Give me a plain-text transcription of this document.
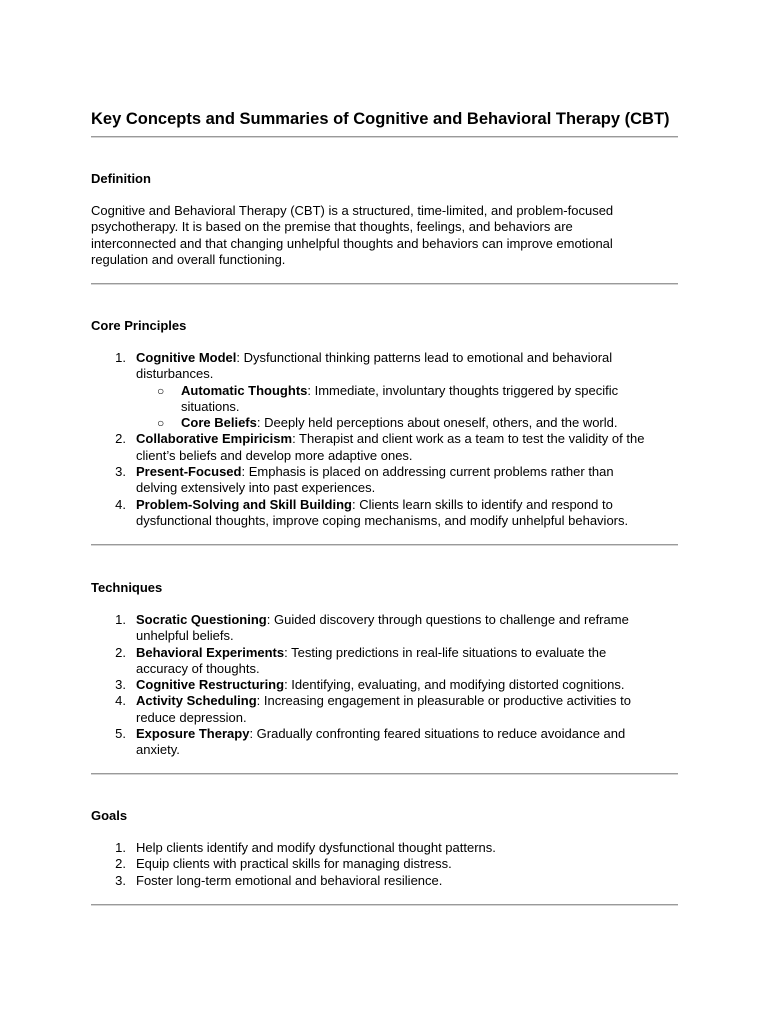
Key Concepts and Summaries of Cognitive and Behavioral Therapy (CBT)
Definition
Cognitive and Behavioral Therapy (CBT) is a structured, time-limited, and problem-focused
psychotherapy. It is based on the premise that thoughts, feelings, and behaviors are
interconnected and that changing unhelpful thoughts and behaviors can improve emotional
regulation and overall functioning.
Core Principles
1. Cognitive Model: Dysfunctional thinking patterns lead to emotional and behavioral
disturbances.
○ Automatic Thoughts: Immediate, involuntary thoughts triggered by specific
situations.
○ Core Beliefs: Deeply held perceptions about oneself, others, and the world.
2. Collaborative Empiricism: Therapist and client work as a team to test the validity of the
client’s beliefs and develop more adaptive ones.
3. Present-Focused: Emphasis is placed on addressing current problems rather than
delving extensively into past experiences.
4. Problem-Solving and Skill Building: Clients learn skills to identify and respond to
dysfunctional thoughts, improve coping mechanisms, and modify unhelpful behaviors.
Techniques
1. Socratic Questioning: Guided discovery through questions to challenge and reframe
unhelpful beliefs.
2. Behavioral Experiments: Testing predictions in real-life situations to evaluate the
accuracy of thoughts.
3. Cognitive Restructuring: Identifying, evaluating, and modifying distorted cognitions.
4. Activity Scheduling: Increasing engagement in pleasurable or productive activities to
reduce depression.
5. Exposure Therapy: Gradually confronting feared situations to reduce avoidance and
anxiety.
Goals
1. Help clients identify and modify dysfunctional thought patterns.
2. Equip clients with practical skills for managing distress.
3. Foster long-term emotional and behavioral resilience.
